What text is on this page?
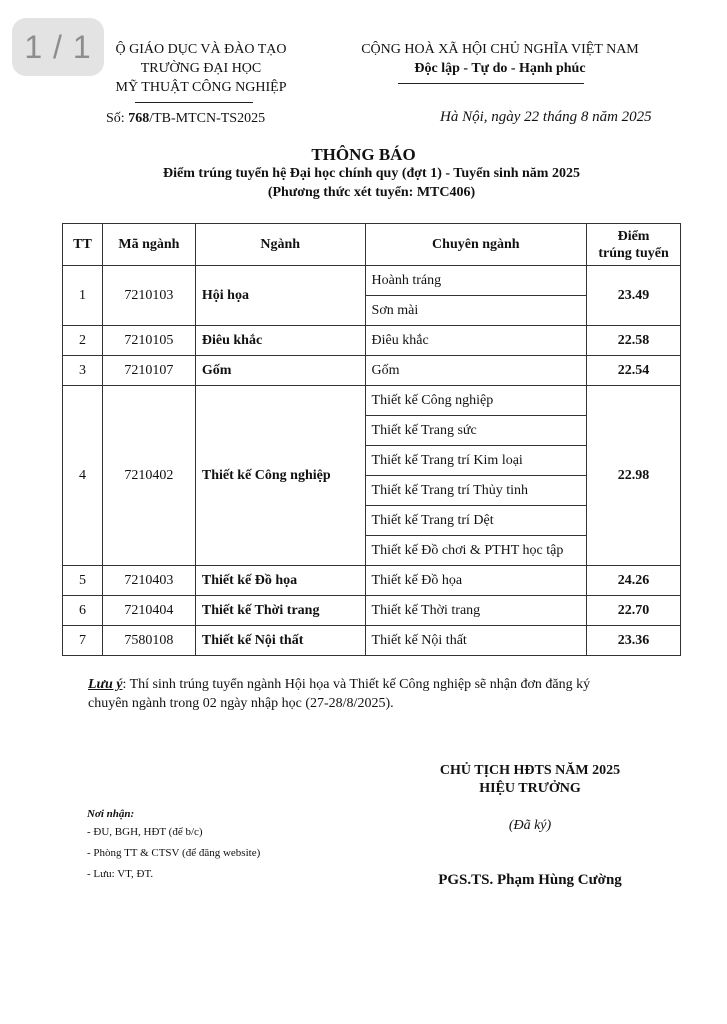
1 / 1	Ộ GIÁO DỤC VÀ ĐÀO TẠO
TRƯỜNG ĐẠI HỌC
MỸ THUẬT CÔNG NGHIỆP
Số: 768/TB-MTCN-TS2025
CỘNG HOÀ XÃ HỘI CHỦ NGHĨA VIỆT NAM
Độc lập - Tự do - Hạnh phúc
Hà Nội, ngày 22 tháng 8 năm 2025
THÔNG BÁO
Điểm trúng tuyển hệ Đại học chính quy (đợt 1) - Tuyển sinh năm 2025
(Phương thức xét tuyển: MTC406)
TT	Mã ngành	Ngành	Chuyên ngành	Điểm
trúng tuyển

1	7210103	Hội họa	Hoành tráng	23.49
			Sơn mài	
2	7210105	Điêu khắc	Điêu khắc	22.58
3	7210107	Gốm	Gốm	22.54
4	7210402	Thiết kế Công nghiệp	Thiết kế Công nghiệp	22.98
			Thiết kế Trang sức	
			Thiết kế Trang trí Kim loại	
			Thiết kế Trang trí Thủy tinh	
			Thiết kế Trang trí Dệt	
			Thiết kế Đồ chơi & PTHT học tập	
5	7210403	Thiết kế Đồ họa	Thiết kế Đồ họa	24.26
6	7210404	Thiết kế Thời trang	Thiết kế Thời trang	22.70
7	7580108	Thiết kế Nội thất	Thiết kế Nội thất	23.36
Lưu ý: Thí sinh trúng tuyển ngành Hội họa và Thiết kế Công nghiệp sẽ nhận đơn đăng ký
chuyên ngành trong 02 ngày nhập học (27-28/8/2025).
CHỦ TỊCH HĐTS NĂM 2025
HIỆU TRƯỞNG
(Đã ký)
PGS.TS. Phạm Hùng Cường
Nơi nhận:
- ĐU, BGH, HĐT (để b/c)
- Phòng TT & CTSV (để đăng website)
- Lưu: VT, ĐT.
